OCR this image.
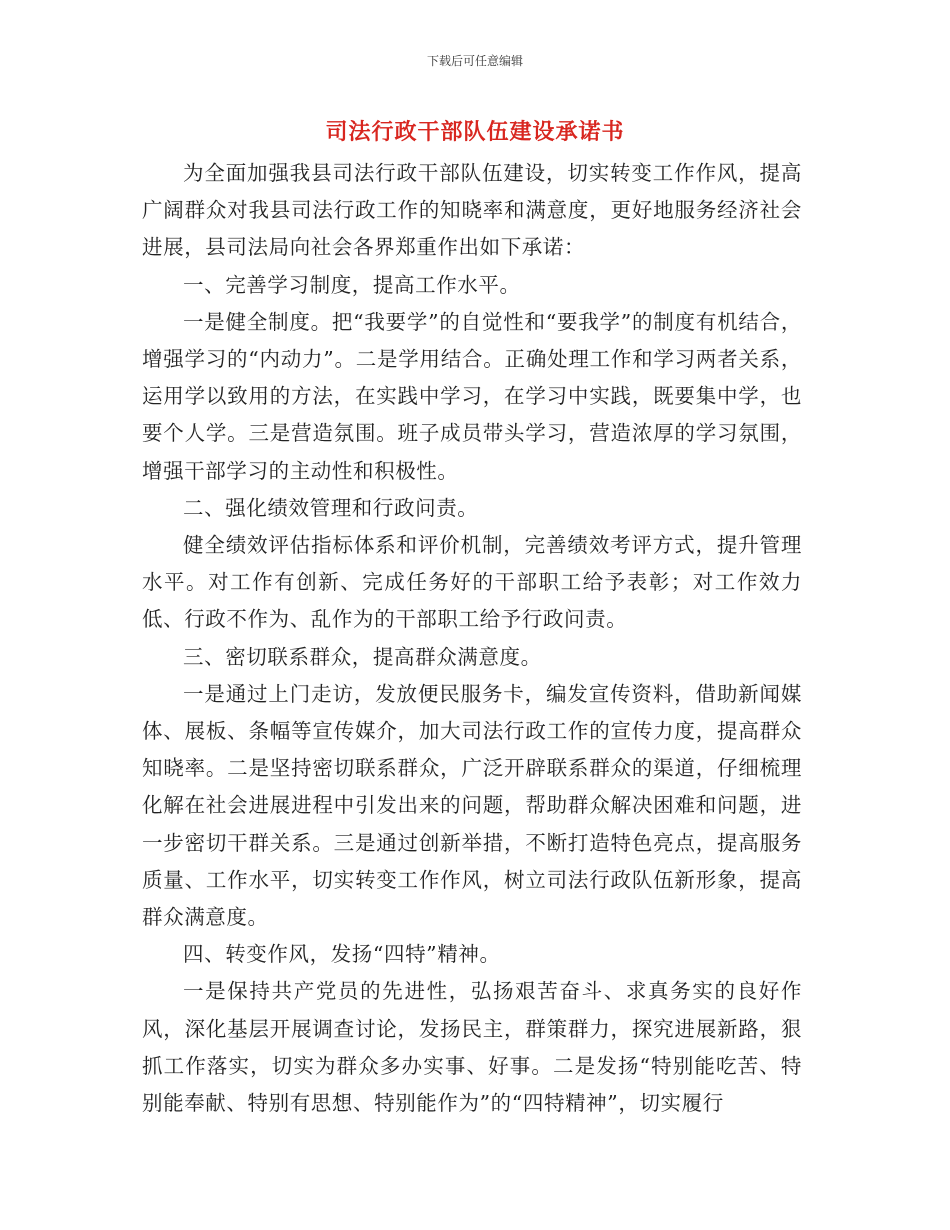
下载后可任意编辑
司法行政干部队伍建设承诺书

为全面加强我县司法行政干部队伍建设，切实转变工作作风，提高广阔群众对我县司法行政工作的知晓率和满意度，更好地服务经济社会进展，县司法局向社会各界郑重作出如下承诺：

一、完善学习制度，提高工作水平。

一是健全制度。把“我要学”的自觉性和“要我学”的制度有机结合，增强学习的“内动力”。二是学用结合。正确处理工作和学习两者关系，运用学以致用的方法，在实践中学习，在学习中实践，既要集中学，也要个人学。三是营造氛围。班子成员带头学习，营造浓厚的学习氛围，增强干部学习的主动性和积极性。

二、强化绩效管理和行政问责。

健全绩效评估指标体系和评价机制，完善绩效考评方式，提升管理水平。对工作有创新、完成任务好的干部职工给予表彰；对工作效力低、行政不作为、乱作为的干部职工给予行政问责。

三、密切联系群众，提高群众满意度。

一是通过上门走访，发放便民服务卡，编发宣传资料，借助新闻媒体、展板、条幅等宣传媒介，加大司法行政工作的宣传力度，提高群众知晓率。二是坚持密切联系群众，广泛开辟联系群众的渠道，仔细梳理化解在社会进展进程中引发出来的问题，帮助群众解决困难和问题，进一步密切干群关系。三是通过创新举措，不断打造特色亮点，提高服务质量、工作水平，切实转变工作作风，树立司法行政队伍新形象，提高群众满意度。

四、转变作风，发扬“四特”精神。

一是保持共产党员的先进性，弘扬艰苦奋斗、求真务实的良好作风，深化基层开展调查讨论，发扬民主，群策群力，探究进展新路，狠抓工作落实，切实为群众多办实事、好事。二是发扬“特别能吃苦、特别能奉献、特别有思想、特别能作为”的“四特精神”，切实履行
